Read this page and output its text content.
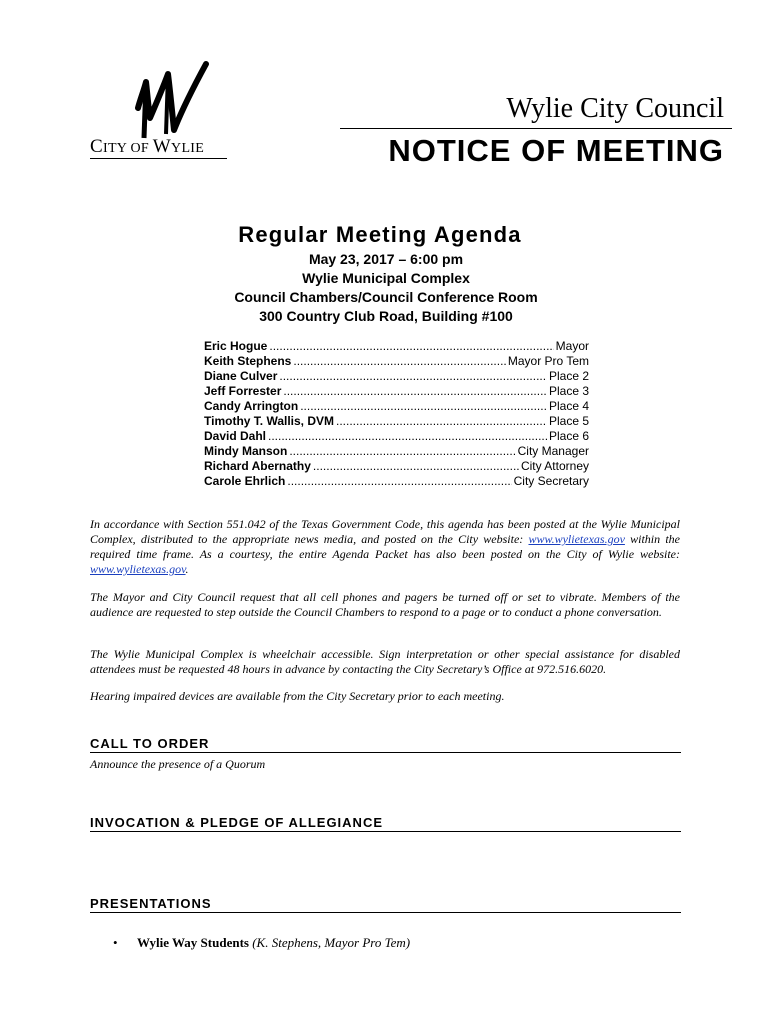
CITY OF WYLIE
Wylie City Council
NOTICE OF MEETING
Regular Meeting Agenda
May 23, 2017 – 6:00 pm
Wylie Municipal Complex
Council Chambers/Council Conference Room
300 Country Club Road, Building #100
Eric Hogue .....	Mayor
Keith Stephens .....	Mayor Pro Tem
Diane Culver .....	Place 2
Jeff Forrester .....	Place 3
Candy Arrington .....	Place 4
Timothy T. Wallis, DVM .....	Place 5
David Dahl .....	Place 6
Mindy Manson .....	City Manager
Richard Abernathy .....	City Attorney
Carole Ehrlich .....	City Secretary
In accordance with Section 551.042 of the Texas Government Code, this agenda has been posted at the Wylie Municipal Complex, distributed to the appropriate news media, and posted on the City website: www.wylietexas.gov within the required time frame. As a courtesy, the entire Agenda Packet has also been posted on the City of Wylie website: www.wylietexas.gov.
The Mayor and City Council request that all cell phones and pagers be turned off or set to vibrate. Members of the audience are requested to step outside the Council Chambers to respond to a page or to conduct a phone conversation.
The Wylie Municipal Complex is wheelchair accessible. Sign interpretation or other special assistance for disabled attendees must be requested 48 hours in advance by contacting the City Secretary’s Office at 972.516.6020.
Hearing impaired devices are available from the City Secretary prior to each meeting.
CALL TO ORDER
Announce the presence of a Quorum
INVOCATION & PLEDGE OF ALLEGIANCE
PRESENTATIONS
• Wylie Way Students (K. Stephens, Mayor Pro Tem)
